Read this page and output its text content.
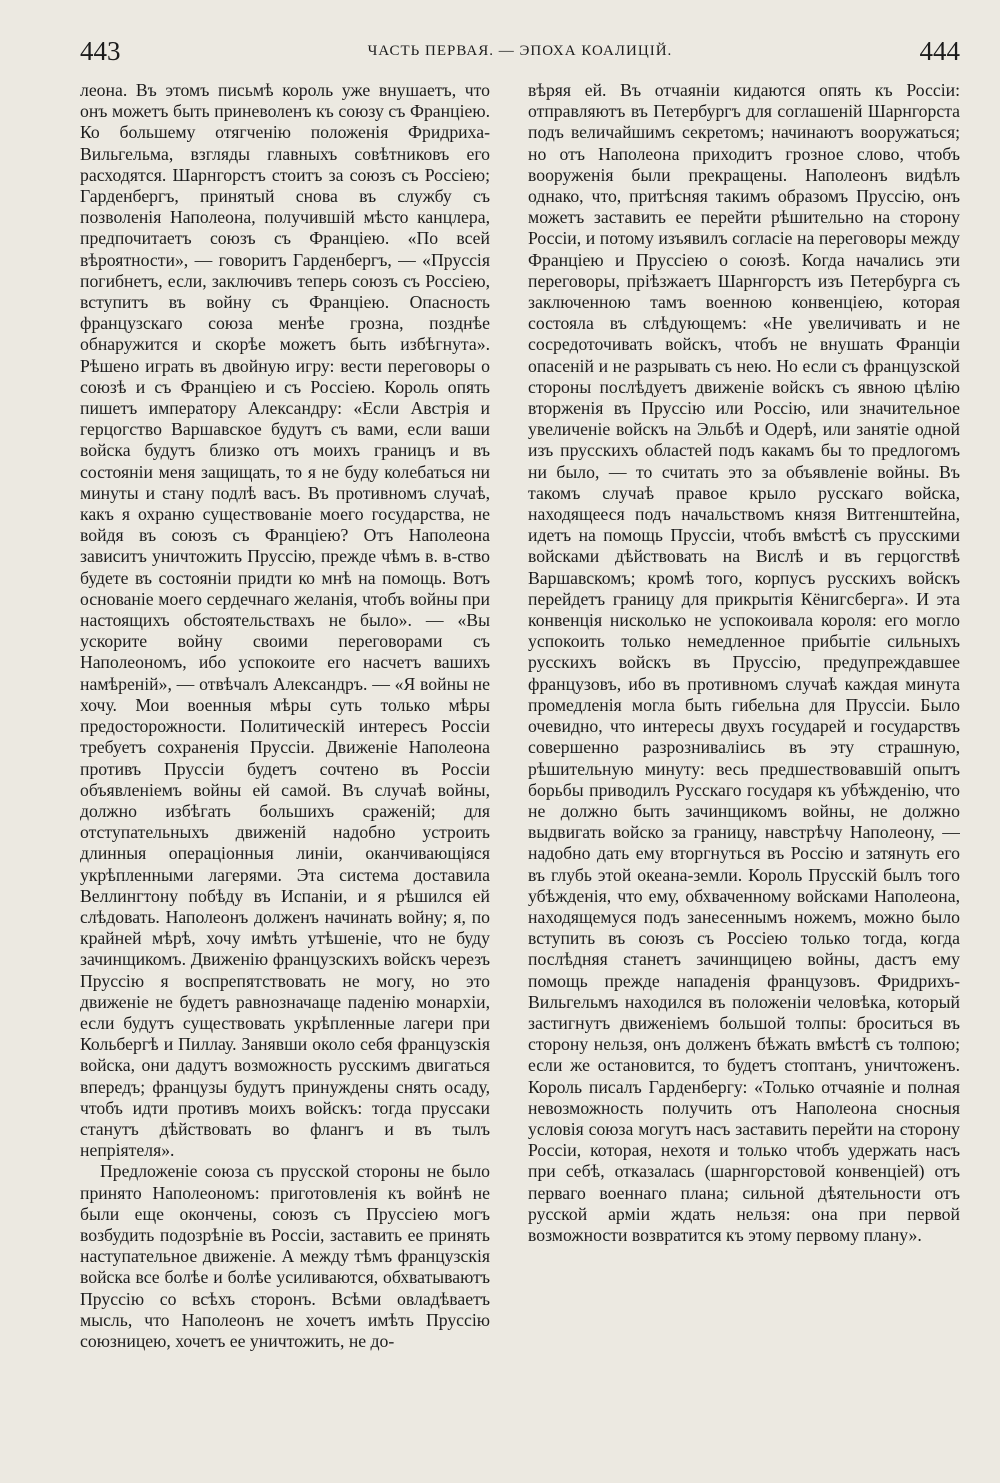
443	ЧАСТЬ ПЕРВАЯ. — ЭПОХА КОАЛИЦІЙ.	444

леона. Въ этомъ письмѣ король уже внушаетъ, что онъ можетъ быть приневоленъ къ союзу съ Франціею. Ко большему отягченію положенія Фридриха-Вильгельма, взгляды главныхъ совѣтниковъ его расходятся. Шарнгорстъ стоитъ за союзъ съ Россіею; Гарденбергъ, принятый снова въ службу съ позволенія Наполеона, получившій мѣсто канцлера, предпочитаетъ союзъ съ Франціею. «По всей вѣроятности», — говоритъ Гарденбергъ, — «Пруссія погибнетъ, если, заключивъ теперь союзъ съ Россіею, вступитъ въ войну съ Франціею. Опасность французскаго союза менѣе грозна, позднѣе обнаружится и скорѣе можетъ быть избѣгнута». Рѣшено играть въ двойную игру: вести переговоры о союзѣ и съ Франціею и съ Россіею. Король опять пишетъ императору Александру: «Если Австрія и герцогство Варшавское будутъ съ вами, если ваши войска будутъ близко отъ моихъ границъ и въ состояніи меня защищать, то я не буду колебаться ни минуты и стану подлѣ васъ. Въ противномъ случаѣ, какъ я охраню существованіе моего государства, не войдя въ союзъ съ Франціею? Отъ Наполеона зависитъ уничтожить Пруссію, прежде чѣмъ в. в-ство будете въ состояніи придти ко мнѣ на помощь. Вотъ основаніе моего сердечнаго желанія, чтобъ войны при настоящихъ обстоятельствахъ не было». — «Вы ускорите войну своими переговорами съ Наполеономъ, ибо успокоите его насчетъ вашихъ намѣреній», — отвѣчалъ Александръ. — «Я войны не хочу. Мои военныя мѣры суть только мѣры предосторожности. Политическій интересъ Россіи требуетъ сохраненія Пруссіи. Движеніе Наполеона противъ Пруссіи будетъ сочтено въ Россіи объявленіемъ войны ей самой. Въ случаѣ войны, должно избѣгать большихъ сраженій; для отступательныхъ движеній надобно устроить длинныя операціонныя линіи, оканчивающіяся укрѣпленными лагерями. Эта система доставила Веллингтону побѣду въ Испаніи, и я рѣшился ей слѣдовать. Наполеонъ долженъ начинать войну; я, по крайней мѣрѣ, хочу имѣть утѣшеніе, что не буду зачинщикомъ. Движенію французскихъ войскъ черезъ Пруссію я воспрепятствовать не могу, но это движеніе не будетъ равнозначаще паденію монархіи, если будутъ существовать укрѣпленные лагери при Кольбергѣ и Пиллау. Занявши около себя французскія войска, они дадутъ возможность русскимъ двигаться впередъ; французы будутъ принуждены снять осаду, чтобъ идти противъ моихъ войскъ: тогда пруссаки станутъ дѣйствовать во флангъ и въ тылъ непріятеля».

Предложеніе союза съ прусской стороны не было принято Наполеономъ: приготовленія къ войнѣ не были еще окончены, союзъ съ Пруссіею могъ возбудить подозрѣніе въ Россіи, заставить ее принять наступательное движеніе. А между тѣмъ французскія войска все болѣе и болѣе усиливаются, обхватываютъ Пруссію со всѣхъ сторонъ. Всѣми овладѣваетъ мысль, что Наполеонъ не хочетъ имѣть Пруссію союзницею, хочетъ ее уничтожить, не до-

вѣряя ей. Въ отчаяніи кидаются опять къ Россіи: отправляютъ въ Петербургъ для соглашеній Шарнгорста подъ величайшимъ секретомъ; начинаютъ вооружаться; но отъ Наполеона приходитъ грозное слово, чтобъ вооруженія были прекращены. Наполеонъ видѣлъ однако, что, притѣсняя такимъ образомъ Пруссію, онъ можетъ заставить ее перейти рѣшительно на сторону Россіи, и потому изъявилъ согласіе на переговоры между Франціею и Пруссіею о союзѣ. Когда начались эти переговоры, пріѣзжаетъ Шарнгорстъ изъ Петербурга съ заключенною тамъ военною конвенціею, которая состояла въ слѣдующемъ: «Не увеличивать и не сосредоточивать войскъ, чтобъ не внушать Франціи опасеній и не разрывать съ нею. Но если съ французской стороны послѣдуетъ движеніе войскъ съ явною цѣлію вторженія въ Пруссію или Россію, или значительное увеличеніе войскъ на Эльбѣ и Одерѣ, или занятіе одной изъ прусскихъ областей подъ какамъ бы то предлогомъ ни было, — то считать это за объявленіе войны. Въ такомъ случаѣ правое крыло русскаго войска, находящееся подъ начальствомъ князя Витгенштейна, идетъ на помощь Пруссіи, чтобъ вмѣстѣ съ прусскими войсками дѣйствовать на Вислѣ и въ герцогствѣ Варшавскомъ; кромѣ того, корпусъ русскихъ войскъ перейдетъ границу для прикрытія Кёнигсберга». И эта конвенція нисколько не успокоивала короля: его могло успокоить только немедленное прибытіе сильныхъ русскихъ войскъ въ Пруссію, предупреждавшее французовъ, ибо въ противномъ случаѣ каждая минута промедленія могла быть гибельна для Пруссіи. Было очевидно, что интересы двухъ государей и государствъ совершенно разрозниваліись въ эту страшную, рѣшительную минуту: весь предшествовавшій опытъ борьбы приводилъ Русскаго государя къ убѣжденію, что не должно быть зачинщикомъ войны, не должно выдвигать войско за границу, навстрѣчу Наполеону, — надобно дать ему вторгнуться въ Россію и затянуть его въ глубь этой океана-земли. Король Прусскій былъ того убѣжденія, что ему, обхваченному войсками Наполеона, находящемуся подъ занесеннымъ ножемъ, можно было вступить въ союзъ съ Россіею только тогда, когда послѣдняя станетъ зачинщицею войны, дастъ ему помощь прежде нападенія французовъ. Фридрихъ-Вильгельмъ находился въ положеніи человѣка, который застигнутъ движеніемъ большой толпы: броситься въ сторону нельзя, онъ долженъ бѣжать вмѣстѣ съ толпою; если же остановится, то будетъ стоптанъ, уничтоженъ. Король писалъ Гарденбергу: «Только отчаяніе и полная невозможность получить отъ Наполеона сносныя условія союза могутъ насъ заставить перейти на сторону Россіи, которая, нехотя и только чтобъ удержать насъ при себѣ, отказалась (шарнгорстовой конвенціей) отъ перваго военнаго плана; сильной дѣятельности отъ русской арміи ждать нельзя: она при первой возможности возвратится къ этому первому плану».
